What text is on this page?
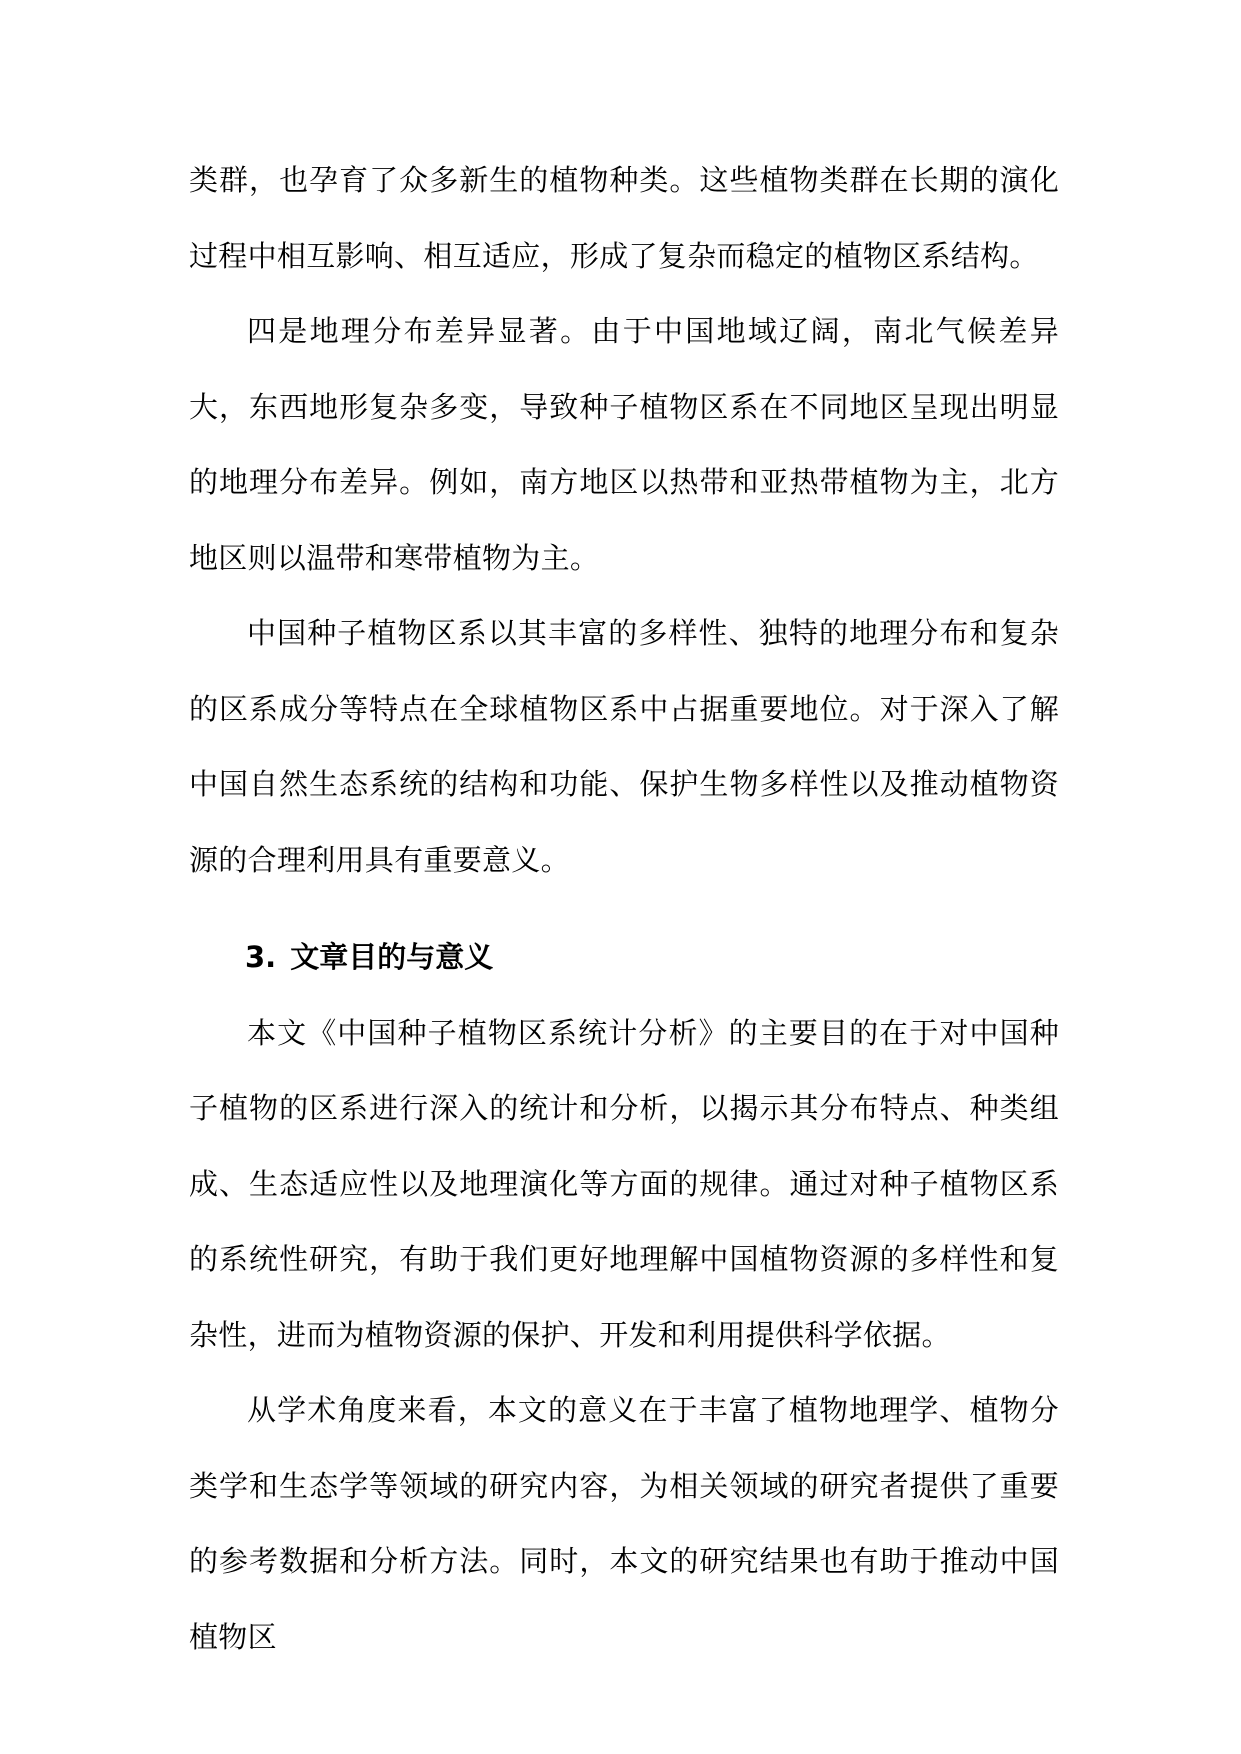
类群，也孕育了众多新生的植物种类。这些植物类群在长期的演化过程中相互影响、相互适应，形成了复杂而稳定的植物区系结构。

四是地理分布差异显著。由于中国地域辽阔，南北气候差异大，东西地形复杂多变，导致种子植物区系在不同地区呈现出明显的地理分布差异。例如，南方地区以热带和亚热带植物为主，北方地区则以温带和寒带植物为主。

中国种子植物区系以其丰富的多样性、独特的地理分布和复杂的区系成分等特点在全球植物区系中占据重要地位。对于深入了解中国自然生态系统的结构和功能、保护生物多样性以及推动植物资源的合理利用具有重要意义。

3. 文章目的与意义

本文《中国种子植物区系统计分析》的主要目的在于对中国种子植物的区系进行深入的统计和分析，以揭示其分布特点、种类组成、生态适应性以及地理演化等方面的规律。通过对种子植物区系的系统性研究，有助于我们更好地理解中国植物资源的多样性和复杂性，进而为植物资源的保护、开发和利用提供科学依据。

从学术角度来看，本文的意义在于丰富了植物地理学、植物分类学和生态学等领域的研究内容，为相关领域的研究者提供了重要的参考数据和分析方法。同时，本文的研究结果也有助于推动中国植物区
